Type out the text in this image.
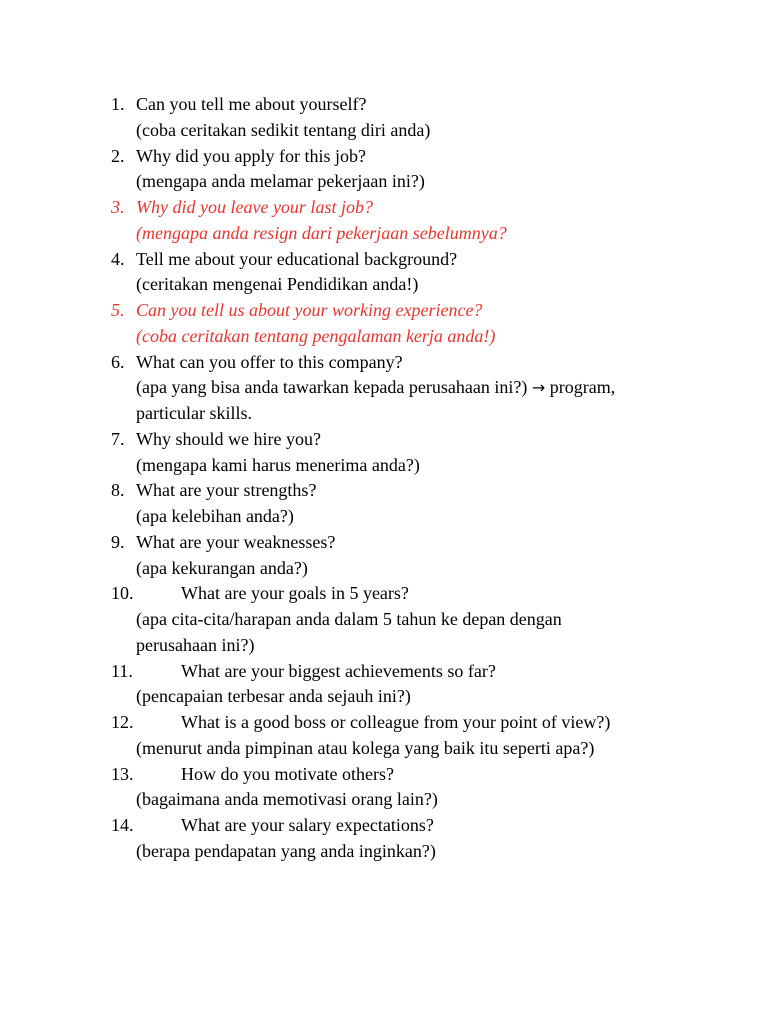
1. Can you tell me about yourself?
(coba ceritakan sedikit tentang diri anda)
2. Why did you apply for this job?
(mengapa anda melamar pekerjaan ini?)
3. Why did you leave your last job?
(mengapa anda resign dari pekerjaan sebelumnya?
4. Tell me about your educational background?
(ceritakan mengenai Pendidikan anda!)
5. Can you tell us about your working experience?
(coba ceritakan tentang pengalaman kerja anda!)
6. What can you offer to this company?
(apa yang bisa anda tawarkan kepada perusahaan ini?) → program,
particular skills.
7. Why should we hire you?
(mengapa kami harus menerima anda?)
8. What are your strengths?
(apa kelebihan anda?)
9. What are your weaknesses?
(apa kekurangan anda?)
10.	What are your goals in 5 years?
(apa cita-cita/harapan anda dalam 5 tahun ke depan dengan
perusahaan ini?)
11.	What are your biggest achievements so far?
(pencapaian terbesar anda sejauh ini?)
12.	What is a good boss or colleague from your point of view?)
(menurut anda pimpinan atau kolega yang baik itu seperti apa?)
13.	How do you motivate others?
(bagaimana anda memotivasi orang lain?)
14.	What are your salary expectations?
(berapa pendapatan yang anda inginkan?)
